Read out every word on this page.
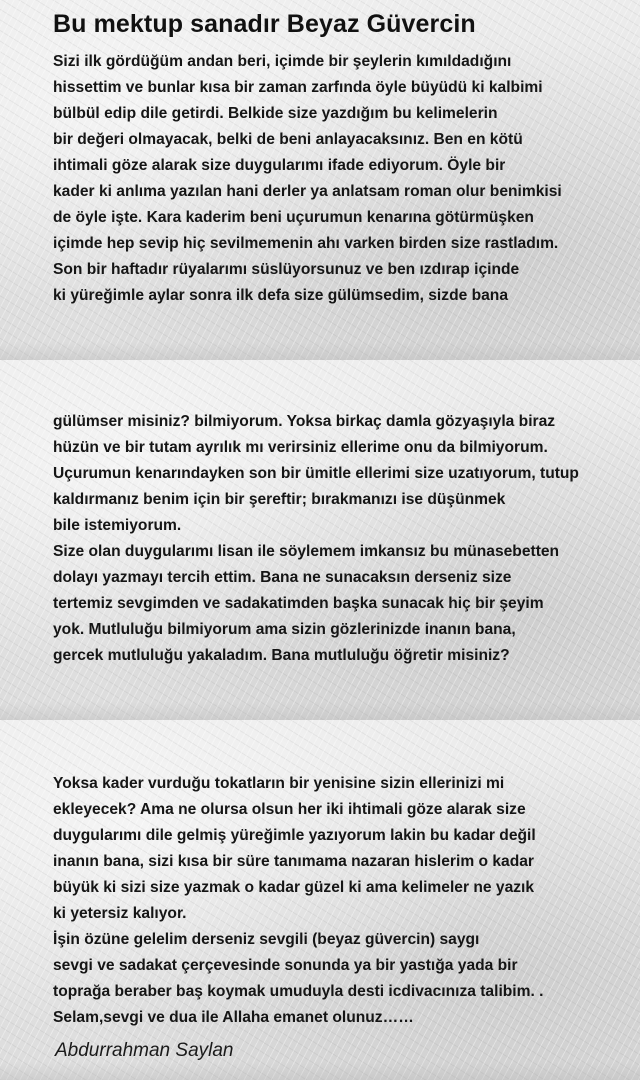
Bu mektup sanadır Beyaz Güvercin
Sizi ilk gördüğüm andan beri, içimde bir şeylerin kımıldadığını
hissettim ve bunlar kısa bir zaman zarfında öyle büyüdü ki kalbimi
bülbül edip dile getirdi. Belkide size yazdığım bu kelimelerin
bir değeri olmayacak, belki de beni anlayacaksınız. Ben en kötü
ihtimali göze alarak size duygularımı ifade ediyorum. Öyle bir
kader ki anlıma yazılan hani derler ya anlatsam roman olur benimkisi
de öyle işte. Kara kaderim beni uçurumun kenarına götürmüşken
içimde hep sevip hiç sevilmemenin ahı varken birden size rastladım.
Son bir haftadır rüyalarımı süslüyorsunuz ve ben ızdırap içinde
ki yüreğimle aylar sonra ilk defa size gülümsedim, sizde bana
gülümser misiniz? bilmiyorum. Yoksa birkaç damla gözyaşıyla biraz
hüzün ve bir tutam ayrılık mı verirsiniz ellerime onu da bilmiyorum.
Uçurumun kenarındayken son bir ümitle ellerimi size uzatıyorum, tutup
kaldırmanız benim için bir şereftir; bırakmanızı ise düşünmek
bile istemiyorum.
Size olan duygularımı lisan ile söylemem imkansız bu münasebetten
dolayı yazmayı tercih ettim. Bana ne sunacaksın derseniz size
tertemiz sevgimden ve sadakatimden başka sunacak hiç bir şeyim
yok. Mutluluğu bilmiyorum ama sizin gözlerinizde inanın bana,
gercek mutluluğu yakaladım. Bana mutluluğu öğretir misiniz?
Yoksa kader vurduğu tokatların bir yenisine sizin ellerinizi mi
ekleyecek? Ama ne olursa olsun her iki ihtimali göze alarak size
duygularımı dile gelmiş yüreğimle yazıyorum lakin bu kadar değil
inanın bana, sizi kısa bir süre tanımama nazaran hislerim o kadar
büyük ki sizi size yazmak o kadar güzel ki ama kelimeler ne yazık
ki yetersiz kalıyor.
İşin özüne gelelim derseniz sevgili (beyaz güvercin) saygı
sevgi ve sadakat çerçevesinde sonunda ya bir yastığa yada bir
toprağa beraber baş koymak umuduyla desti icdivacınıza talibim. .
Selam,sevgi ve dua ile Allaha emanet olunuz……

Abdurrahman Saylan
